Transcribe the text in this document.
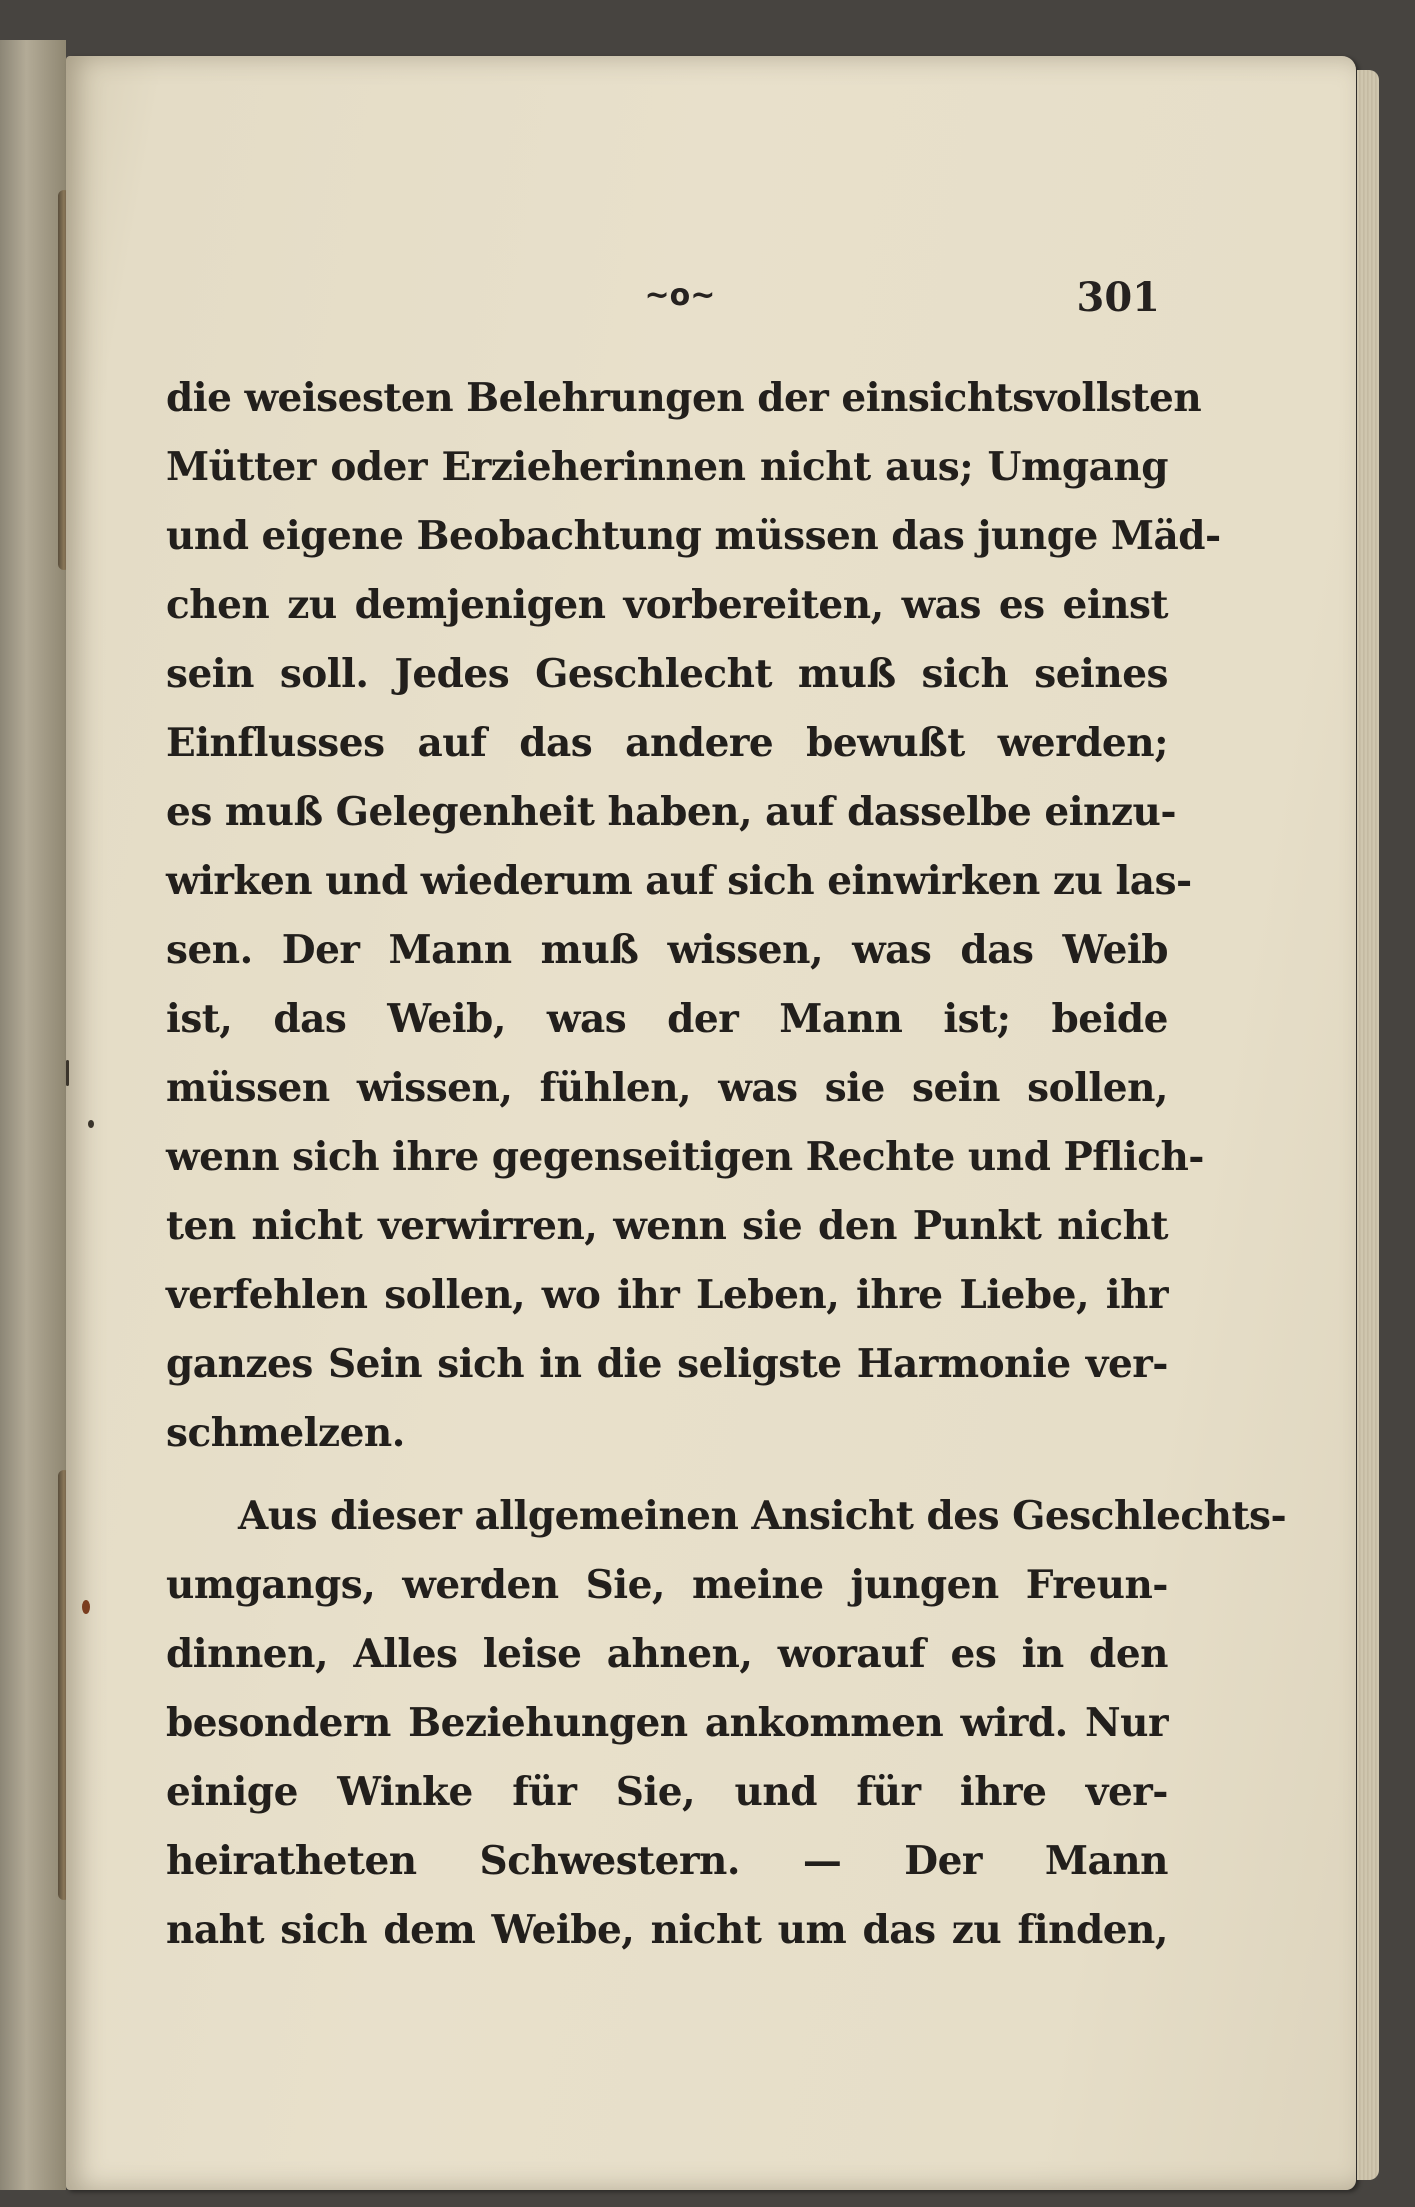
~o~	301
die weisesten Belehrungen der einsichtsvollsten
Mütter oder Erzieherinnen nicht aus; Umgang
und eigene Beobachtung müssen das junge Mäd-
chen zu demjenigen vorbereiten, was es einst
sein soll. Jedes Geschlecht muß sich seines
Einflusses auf das andere bewußt werden;
es muß Gelegenheit haben, auf dasselbe einzu-
wirken und wiederum auf sich einwirken zu las-
sen. Der Mann muß wissen, was das Weib
ist, das Weib, was der Mann ist; beide
müssen wissen, fühlen, was sie sein sollen,
wenn sich ihre gegenseitigen Rechte und Pflich-
ten nicht verwirren, wenn sie den Punkt nicht
verfehlen sollen, wo ihr Leben, ihre Liebe, ihr
ganzes Sein sich in die seligste Harmonie ver-
schmelzen.
Aus dieser allgemeinen Ansicht des Geschlechts-
umgangs, werden Sie, meine jungen Freun-
dinnen, Alles leise ahnen, worauf es in den
besondern Beziehungen ankommen wird. Nur
einige Winke für Sie, und für ihre ver-
heiratheten Schwestern. — Der Mann
naht sich dem Weibe, nicht um das zu finden,
